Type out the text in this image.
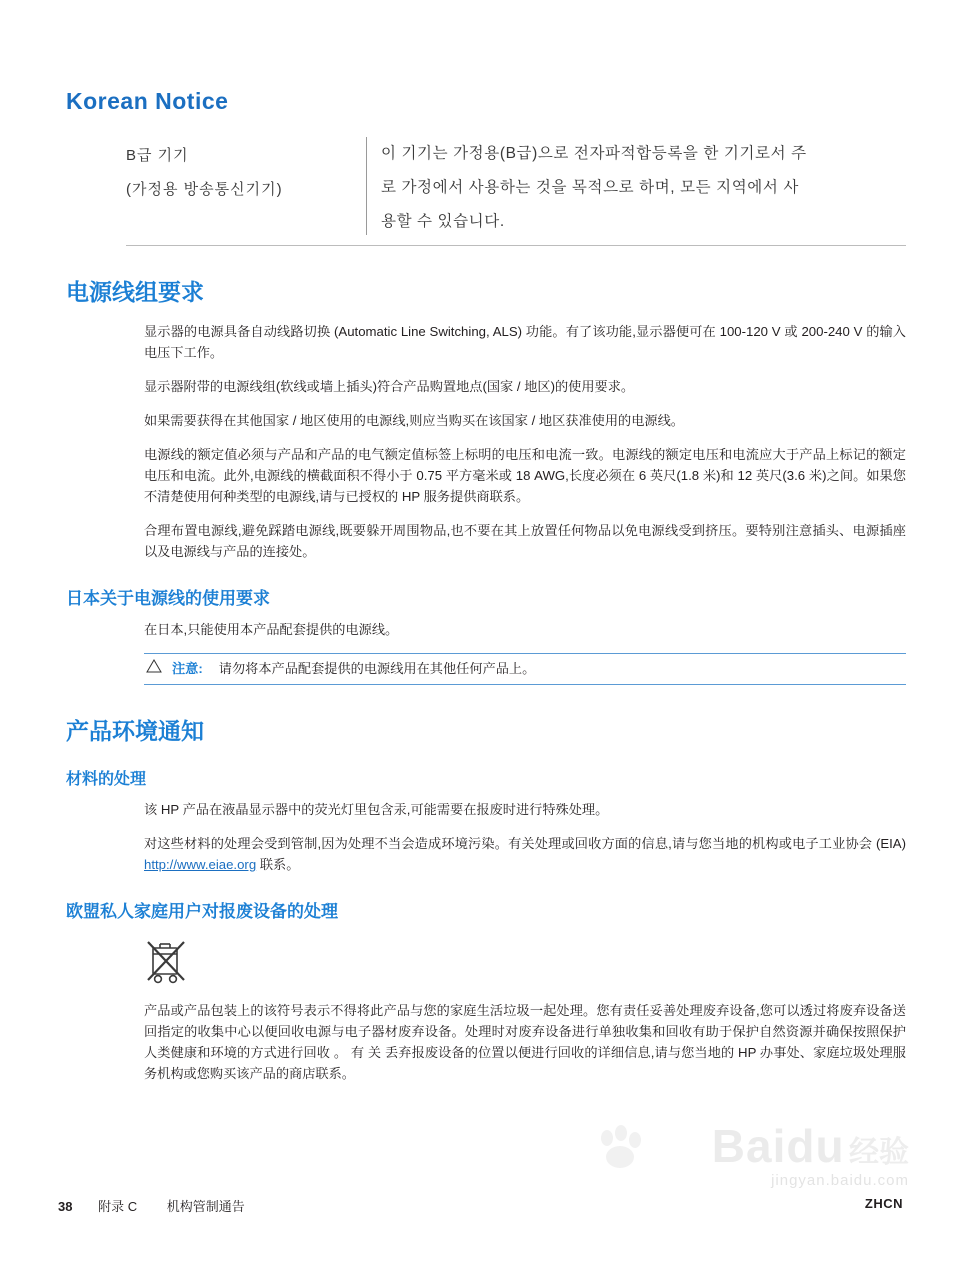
Korean Notice
B급 기기
(가정용 방송통신기기)
이 기기는 가정용(B급)으로 전자파적합등록을 한 기기로서 주
로 가정에서 사용하는 것을 목적으로 하며, 모든 지역에서 사
용할 수 있습니다.
电源线组要求

显示器的电源具备自动线路切换 (Automatic Line Switching, ALS) 功能。有了该功能,显示器便可在 100-120 V 或 200-240 V 的输入电压下工作。

显示器附带的电源线组(软线或墙上插头)符合产品购置地点(国家 / 地区)的使用要求。

如果需要获得在其他国家 / 地区使用的电源线,则应当购买在该国家 / 地区获准使用的电源线。

电源线的额定值必须与产品和产品的电气额定值标签上标明的电压和电流一致。电源线的额定电压和电流应大于产品上标记的额定电压和电流。此外,电源线的横截面积不得小于 0.75 平方毫米或 18 AWG,长度必须在 6 英尺(1.8 米)和 12 英尺(3.6 米)之间。如果您不清楚使用何种类型的电源线,请与已授权的 HP 服务提供商联系。

合理布置电源线,避免踩踏电源线,既要躲开周围物品,也不要在其上放置任何物品以免电源线受到挤压。要特别注意插头、电源插座以及电源线与产品的连接处。

日本关于电源线的使用要求

在日本,只能使用本产品配套提供的电源线。

注意: 请勿将本产品配套提供的电源线用在其他任何产品上。
产品环境通知
材料的处理

该 HP 产品在液晶显示器中的荧光灯里包含汞,可能需要在报废时进行特殊处理。

对这些材料的处理会受到管制,因为处理不当会造成环境污染。有关处理或回收方面的信息,请与您当地的机构或电子工业协会 (EIA) http://www.eiae.org 联系。

欧盟私人家庭用户对报废设备的处理

产品或产品包装上的该符号表示不得将此产品与您的家庭生活垃圾一起处理。您有责任妥善处理废弃设备,您可以透过将废弃设备送回指定的收集中心以便回收电源与电子器材废弃设备。处理时对废弃设备进行单独收集和回收有助于保护自然资源并确保按照保护人类健康和环境的方式进行回收 。 有 关 丢弃报废设备的位置以便进行回收的详细信息,请与您当地的 HP 办事处、家庭垃圾处理服务机构或您购买该产品的商店联系。

Baidu 经验
jingyan.baidu.com
38 附录 C 机构管制通告	ZHCN
